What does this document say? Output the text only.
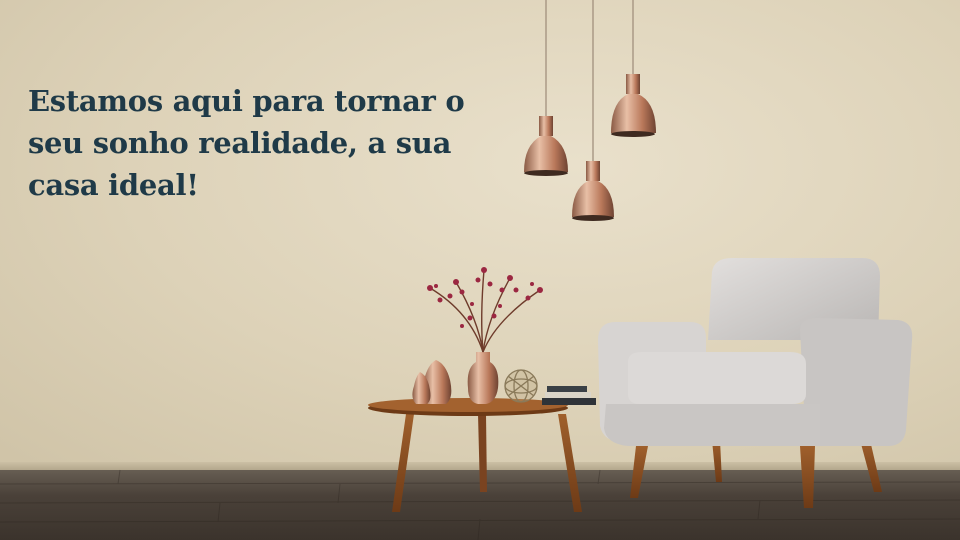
Estamos aqui para tornar o seu sonho realidade, a sua casa ideal!
